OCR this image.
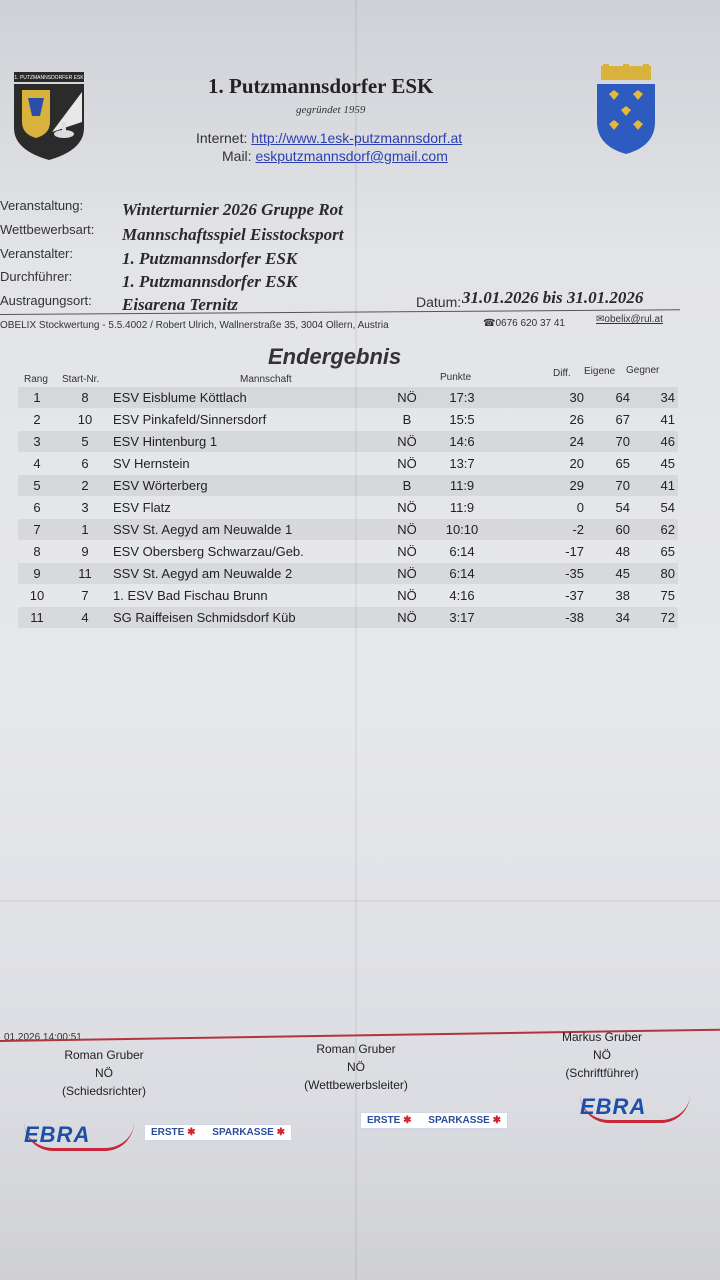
1. PUTZMANNSDORFER ESK	1. Putzmannsdorfer ESK
gegründet 1959
Internet: http://www.1esk-putzmannsdorf.at
Mail: eskputzmannsdorf@gmail.com
Veranstaltung: Winterturnier 2026 Gruppe Rot
Wettbewerbsart: Mannschaftsspiel Eisstocksport
Veranstalter:	1. Putzmannsdorfer ESK
Durchführer:	1. Putzmannsdorfer ESK
Austragungsort: Eisarena Ternitz	Datum: 31.01.2026 bis 31.01.2026
OBELIX Stockwertung - 5.5.4002 / Robert Ulrich, Wallnerstraße 35, 3004 Ollern, Austria	☎0676 620 37 41	✉obelix@rul.at
Endergebnis
Rang Start-Nr.	Mannschaft	Punkte	Diff. Eigene Gegner
1	8	ESV Eisblume Köttlach	NÖ	17:3	30	64	34
2	10	ESV Pinkafeld/Sinnersdorf	B	15:5	26	67	41
3	5	ESV Hintenburg 1	NÖ	14:6	24	70	46
4	6	SV Hernstein	NÖ	13:7	20	65	45
5	2	ESV Wörterberg	B	11:9	29	70	41
6	3	ESV Flatz	NÖ	11:9	0	54	54
7	1	SSV St. Aegyd am Neuwalde 1	NÖ	10:10	-2	60	62
8	9	ESV Obersberg Schwarzau/Geb.	NÖ	6:14	-17	48	65
9	11	SSV St. Aegyd am Neuwalde 2	NÖ	6:14	-35	45	80
10	7	1. ESV Bad Fischau Brunn	NÖ	4:16	-37	38	75
11	4	SG Raiffeisen Schmidsdorf Küb	NÖ	3:17	-38	34	72
01.2026 14:00:51
Roman Gruber
NÖ
(Schiedsrichter)
Roman Gruber
NÖ
(Wettbewerbsleiter)
Markus Gruber
NÖ
(Schriftführer)
EBRA	ERSTE ✱ SPARKASSE ✱
ERSTE ✱ SPARKASSE ✱
EBRA
